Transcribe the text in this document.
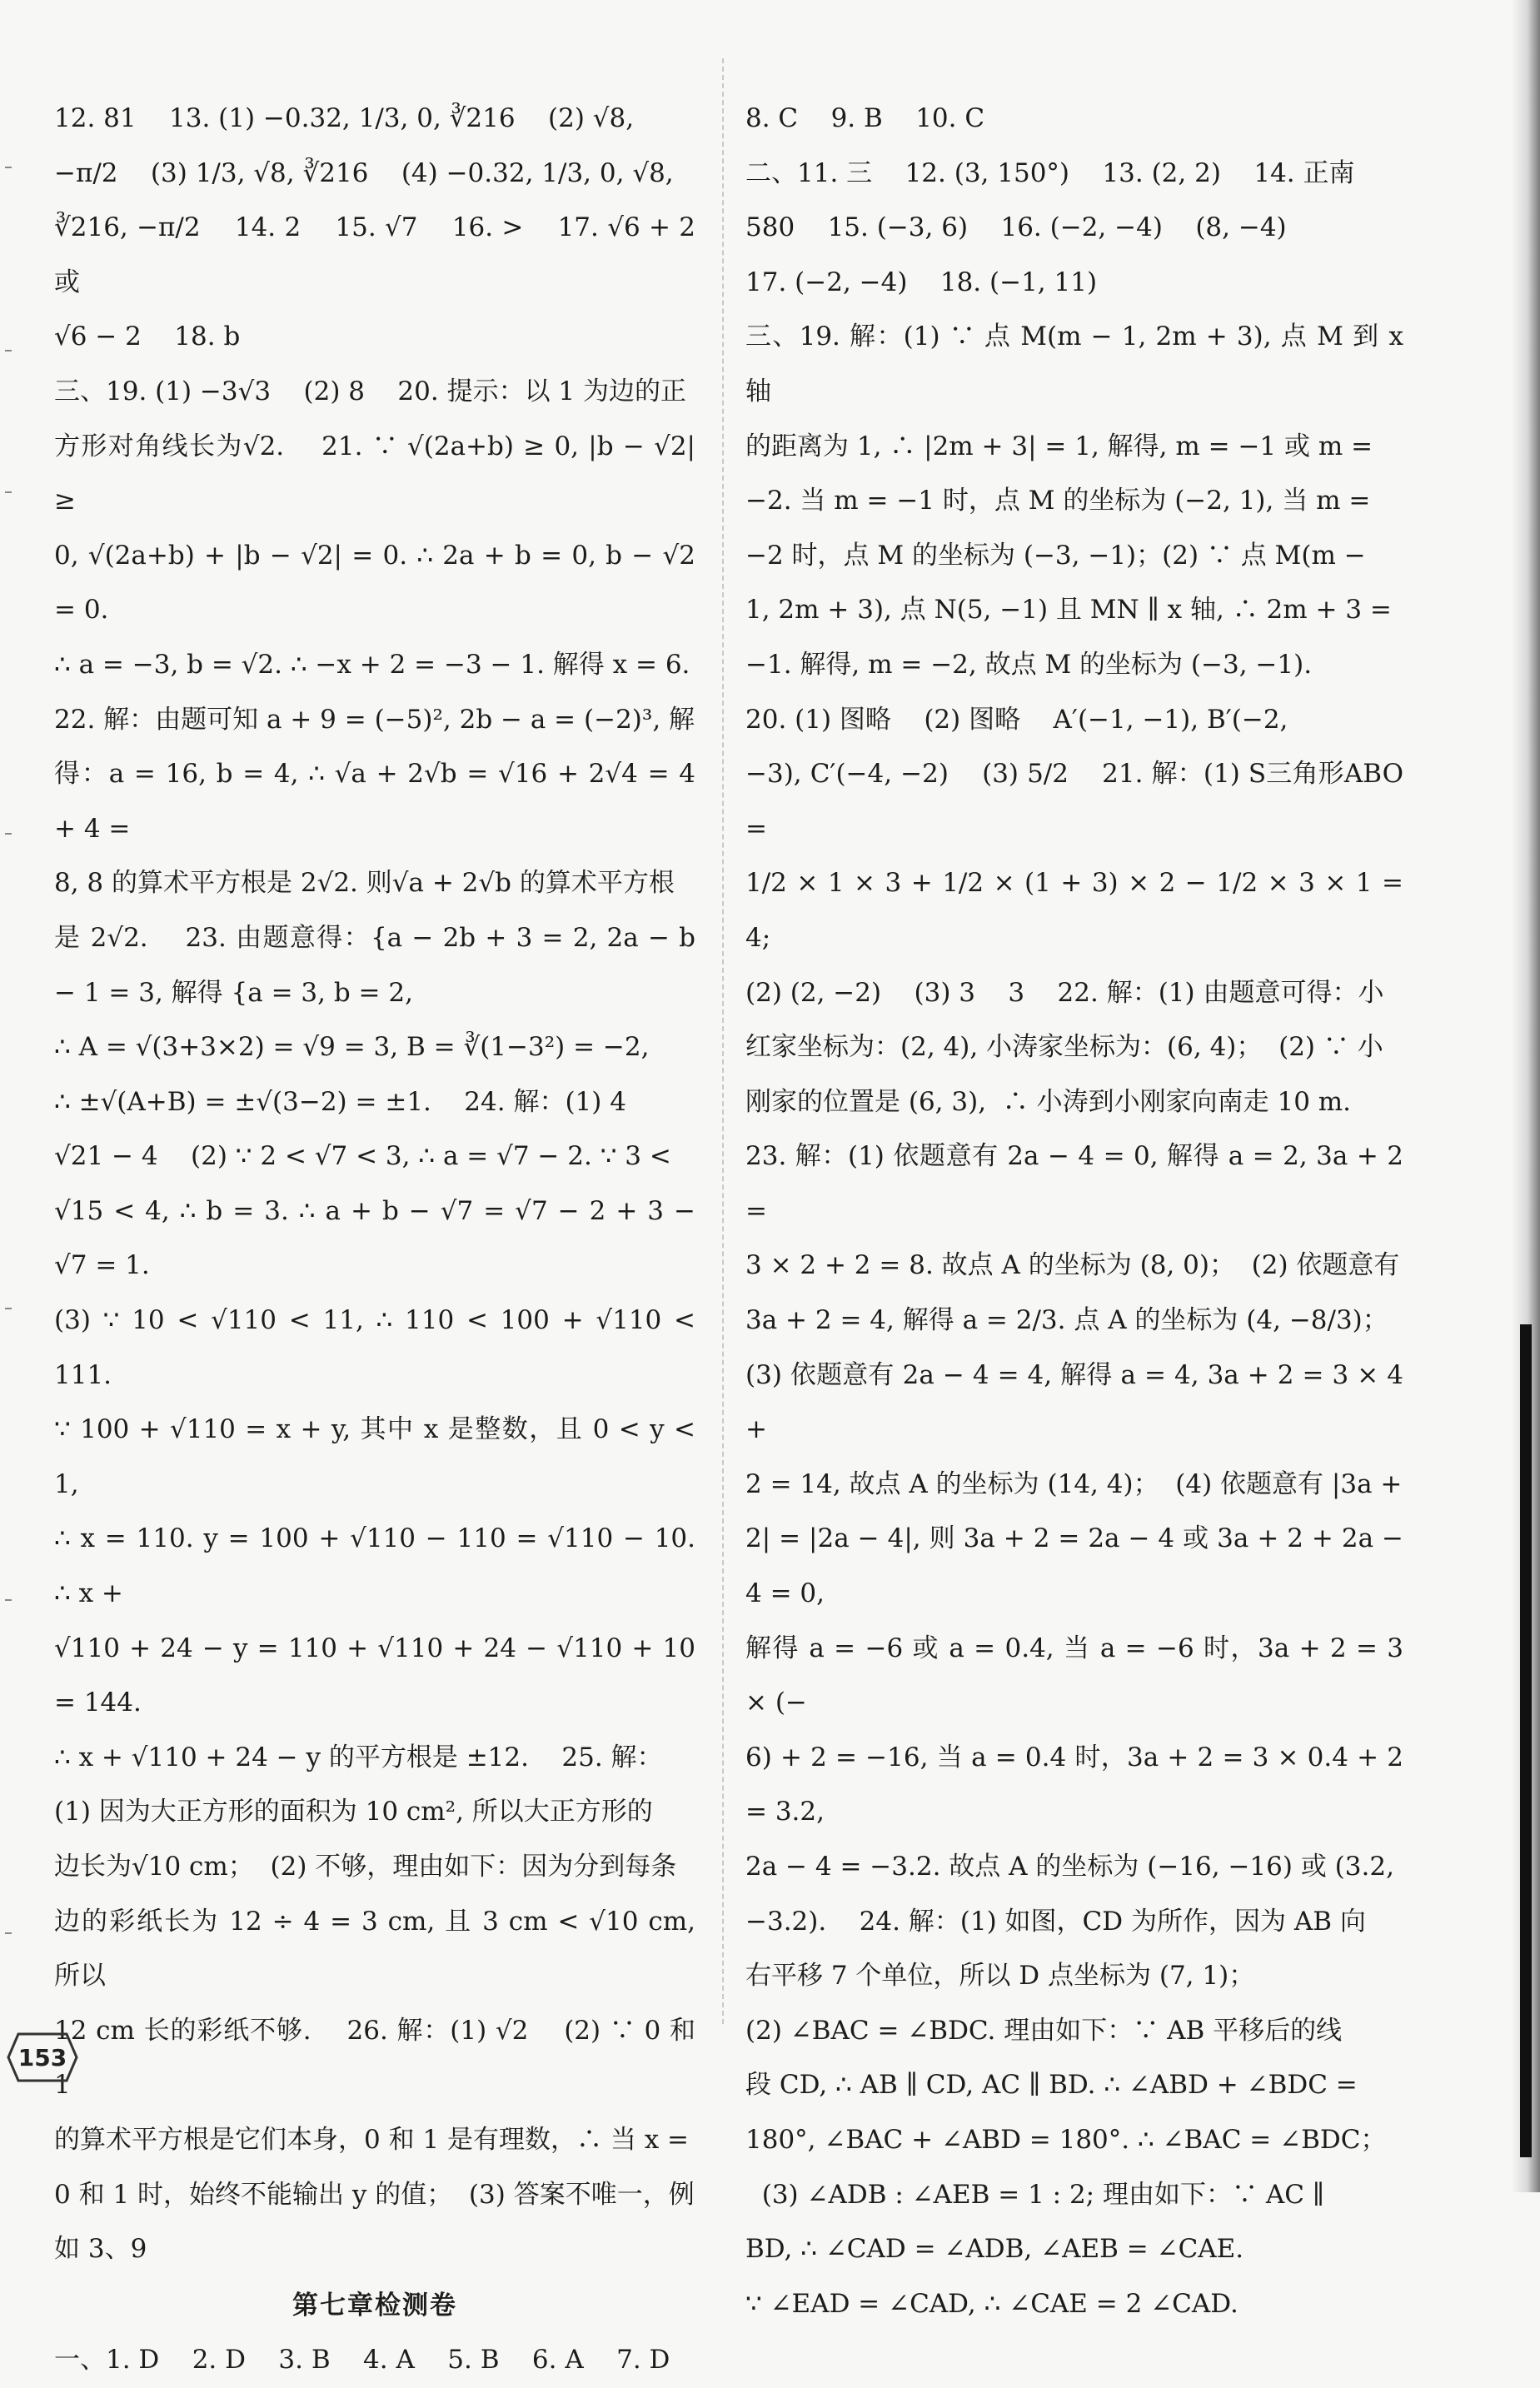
12. 81    13. (1) −0.32, 1/3, 0, ∛216    (2) √8,
−π/2    (3) 1/3, √8, ∛216    (4) −0.32, 1/3, 0, √8,
∛216, −π/2    14. 2    15. √7    16. >    17. √6 + 2 或
√6 − 2    18. b
三、19. (1) −3√3    (2) 8    20. 提示：以 1 为边的正
方形对角线长为√2.    21. ∵ √(2a+b) ≥ 0, |b − √2| ≥
0, √(2a+b) + |b − √2| = 0. ∴ 2a + b = 0, b − √2 = 0.
∴ a = −3, b = √2. ∴ −x + 2 = −3 − 1. 解得 x = 6.
22. 解：由题可知 a + 9 = (−5)², 2b − a = (−2)³, 解
得：a = 16, b = 4, ∴ √a + 2√b = √16 + 2√4 = 4 + 4 =
8, 8 的算术平方根是 2√2. 则√a + 2√b 的算术平方根
是 2√2.    23. 由题意得：{a − 2b + 3 = 2, 2a − b − 1 = 3, 解得 {a = 3, b = 2,
∴ A = √(3+3×2) = √9 = 3, B = ∛(1−3²) = −2,
∴ ±√(A+B) = ±√(3−2) = ±1.    24. 解：(1) 4
√21 − 4    (2) ∵ 2 < √7 < 3, ∴ a = √7 − 2. ∵ 3 <
√15 < 4, ∴ b = 3. ∴ a + b − √7 = √7 − 2 + 3 − √7 = 1.
(3) ∵ 10 < √110 < 11, ∴ 110 < 100 + √110 < 111.
∵ 100 + √110 = x + y, 其中 x 是整数，且 0 < y < 1,
∴ x = 110. y = 100 + √110 − 110 = √110 − 10. ∴ x +
√110 + 24 − y = 110 + √110 + 24 − √110 + 10 = 144.
∴ x + √110 + 24 − y 的平方根是 ±12.    25. 解：
(1) 因为大正方形的面积为 10 cm², 所以大正方形的
边长为√10 cm；  (2) 不够，理由如下：因为分到每条
边的彩纸长为 12 ÷ 4 = 3 cm, 且 3 cm < √10 cm, 所以
12 cm 长的彩纸不够.    26. 解：(1) √2    (2) ∵ 0 和 1
的算术平方根是它们本身，0 和 1 是有理数，∴ 当 x =
0 和 1 时，始终不能输出 y 的值；  (3) 答案不唯一，例
如 3、9
第七章检测卷
一、1. D    2. D    3. B    4. A    5. B    6. A    7. D
8. C    9. B    10. C
二、11. 三    12. (3, 150°)    13. (2, 2)    14. 正南
580    15. (−3, 6)    16. (−2, −4)    (8, −4)
17. (−2, −4)    18. (−1, 11)
三、19. 解：(1) ∵ 点 M(m − 1, 2m + 3), 点 M 到 x 轴
的距离为 1, ∴ |2m + 3| = 1, 解得, m = −1 或 m =
−2. 当 m = −1 时，点 M 的坐标为 (−2, 1), 当 m =
−2 时，点 M 的坐标为 (−3, −1)；(2) ∵ 点 M(m −
1, 2m + 3), 点 N(5, −1) 且 MN ∥ x 轴, ∴ 2m + 3 =
−1. 解得, m = −2, 故点 M 的坐标为 (−3, −1).
20. (1) 图略    (2) 图略    A′(−1, −1), B′(−2,
−3), C′(−4, −2)    (3) 5/2    21. 解：(1) S三角形ABO =
1/2 × 1 × 3 + 1/2 × (1 + 3) × 2 − 1/2 × 3 × 1 = 4;
(2) (2, −2)    (3) 3    3    22. 解：(1) 由题意可得：小
红家坐标为：(2, 4), 小涛家坐标为：(6, 4)；  (2) ∵ 小
刚家的位置是 (6, 3),  ∴ 小涛到小刚家向南走 10 m.
23. 解：(1) 依题意有 2a − 4 = 0, 解得 a = 2, 3a + 2 =
3 × 2 + 2 = 8. 故点 A 的坐标为 (8, 0)；  (2) 依题意有
3a + 2 = 4, 解得 a = 2/3. 点 A 的坐标为 (4, −8/3)；
(3) 依题意有 2a − 4 = 4, 解得 a = 4, 3a + 2 = 3 × 4 +
2 = 14, 故点 A 的坐标为 (14, 4)；  (4) 依题意有 |3a +
2| = |2a − 4|, 则 3a + 2 = 2a − 4 或 3a + 2 + 2a − 4 = 0,
解得 a = −6 或 a = 0.4, 当 a = −6 时，3a + 2 = 3 × (−
6) + 2 = −16, 当 a = 0.4 时，3a + 2 = 3 × 0.4 + 2 = 3.2,
2a − 4 = −3.2. 故点 A 的坐标为 (−16, −16) 或 (3.2,
−3.2).    24. 解：(1) 如图，CD 为所作，因为 AB 向
右平移 7 个单位，所以 D 点坐标为 (7, 1)；
(2) ∠BAC = ∠BDC. 理由如下：∵ AB 平移后的线
段 CD, ∴ AB ∥ CD, AC ∥ BD. ∴ ∠ABD + ∠BDC =
180°, ∠BAC + ∠ABD = 180°. ∴ ∠BAC = ∠BDC；
(3) ∠ADB : ∠AEB = 1 : 2; 理由如下：∵ AC ∥
BD, ∴ ∠CAD = ∠ADB, ∠AEB = ∠CAE.
∵ ∠EAD = ∠CAD, ∴ ∠CAE = 2 ∠CAD.
153
